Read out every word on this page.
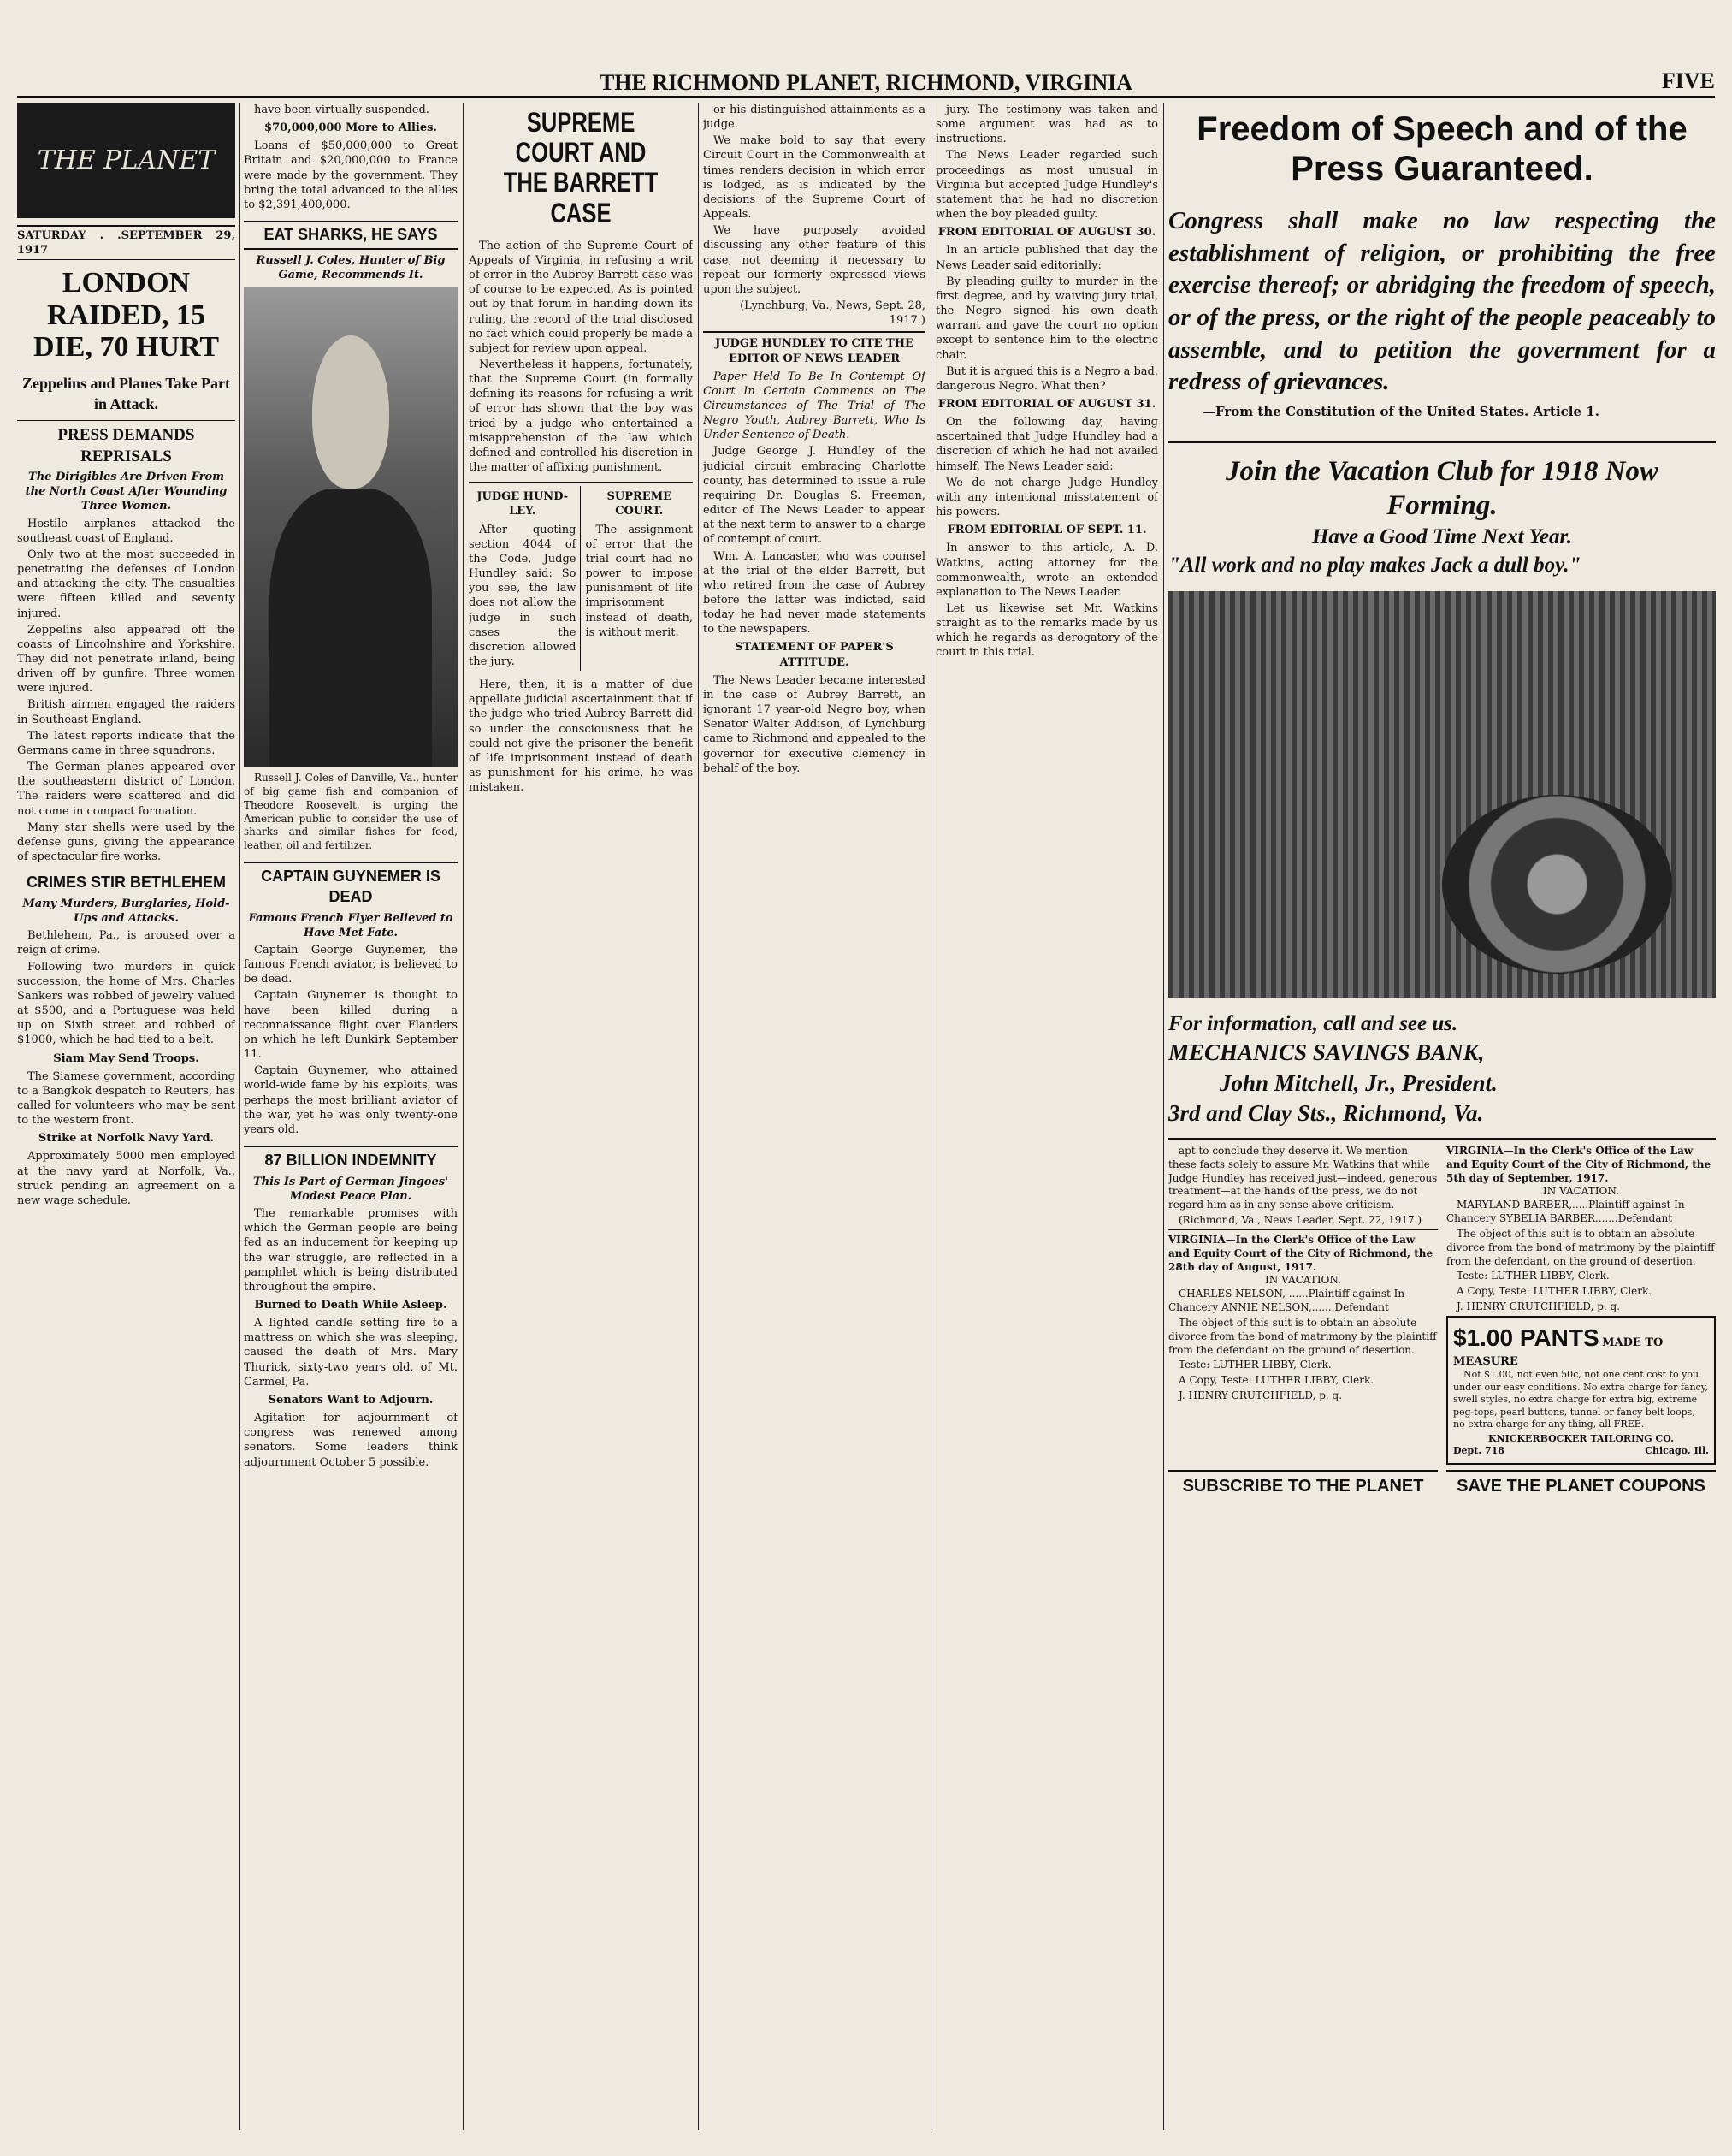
THE RICHMOND PLANET, RICHMOND, VIRGINIA	FIVE
THE PLANET
SATURDAY . .SEPTEMBER 29, 1917
LONDON RAIDED, 15 DIE, 70 HURT
Zeppelins and Planes Take Part in Attack.
PRESS DEMANDS REPRISALS
The Dirigibles Are Driven From the North Coast After Wounding Three Women.

Hostile airplanes attacked the southeast coast of England.

Only two at the most succeeded in penetrating the defenses of London and attacking the city. The casualties were fifteen killed and seventy injured.

Zeppelins also appeared off the coasts of Lincolnshire and Yorkshire. They did not penetrate inland, being driven off by gunfire. Three women were injured.

British airmen engaged the raiders in Southeast England.

The latest reports indicate that the Germans came in three squadrons.

The German planes appeared over the southeastern district of London. The raiders were scattered and did not come in compact formation.

Many star shells were used by the defense guns, giving the appearance of spectacular fire works.

CRIMES STIR BETHLEHEM
Many Murders, Burglaries, Hold-Ups and Attacks.

Bethlehem, Pa., is aroused over a reign of crime.

Following two murders in quick succession, the home of Mrs. Charles Sankers was robbed of jewelry valued at $500, and a Portuguese was held up on Sixth street and robbed of $1000, which he had tied to a belt.

Siam May Send Troops.

The Siamese government, according to a Bangkok despatch to Reuters, has called for volunteers who may be sent to the western front.

Strike at Norfolk Navy Yard.

Approximately 5000 men employed at the navy yard at Norfolk, Va., struck pending an agreement on a new wage schedule.

have been virtually suspended.

$70,000,000 More to Allies.

Loans of $50,000,000 to Great Britain and $20,000,000 to France were made by the government. They bring the total advanced to the allies to $2,391,400,000.

EAT SHARKS, HE SAYS
Russell J. Coles, Hunter of Big Game, Recommends It.

Russell J. Coles of Danville, Va., hunter of big game fish and companion of Theodore Roosevelt, is urging the American public to consider the use of sharks and similar fishes for food, leather, oil and fertilizer.

CAPTAIN GUYNEMER IS DEAD
Famous French Flyer Believed to Have Met Fate.

Captain George Guynemer, the famous French aviator, is believed to be dead.

Captain Guynemer is thought to have been killed during a reconnaissance flight over Flanders on which he left Dunkirk September 11.

Captain Guynemer, who attained world-wide fame by his exploits, was perhaps the most brilliant aviator of the war, yet he was only twenty-one years old.

87 BILLION INDEMNITY
This Is Part of German Jingoes' Modest Peace Plan.

The remarkable promises with which the German people are being fed as an inducement for keeping up the war struggle, are reflected in a pamphlet which is being distributed throughout the empire.

Burned to Death While Asleep.

A lighted candle setting fire to a mattress on which she was sleeping, caused the death of Mrs. Mary Thurick, sixty-two years old, of Mt. Carmel, Pa.

Senators Want to Adjourn.

Agitation for adjournment of congress was renewed among senators. Some leaders think adjournment October 5 possible.

SUPREME COURT AND THE BARRETT CASE

The action of the Supreme Court of Appeals of Virginia, in refusing a writ of error in the Aubrey Barrett case was of course to be expected. As is pointed out by that forum in handing down its ruling, the record of the trial disclosed no fact which could properly be made a subject for review upon appeal.

Nevertheless it happens, fortunately, that the Supreme Court (in formally defining its reasons for refusing a writ of error has shown that the boy was tried by a judge who entertained a misapprehension of the law which defined and controlled his discretion in the matter of affixing punishment.

JUDGE HUND-LEY.

After quoting section 4044 of the Code, Judge Hundley said: So you see, the law does not allow the judge in such cases the discretion allowed the jury.

SUPREME COURT.

The assignment of error that the trial court had no power to impose punishment of life imprisonment instead of death, is without merit.

Here, then, it is a matter of due appellate judicial ascertainment that if the judge who tried Aubrey Barrett did so under the consciousness that he could not give the prisoner the benefit of life imprisonment instead of death as punishment for his crime, he was mistaken.

or his distinguished attainments as a judge.

We make bold to say that every Circuit Court in the Commonwealth at times renders decision in which error is lodged, as is indicated by the decisions of the Supreme Court of Appeals.

We have purposely avoided discussing any other feature of this case, not deeming it necessary to repeat our formerly expressed views upon the subject.

(Lynchburg, Va., News, Sept. 28, 1917.)

JUDGE HUNDLEY TO CITE THE EDITOR OF NEWS LEADER

Paper Held To Be In Contempt Of Court In Certain Comments on The Circumstances of The Trial of The Negro Youth, Aubrey Barrett, Who Is Under Sentence of Death.

Judge George J. Hundley of the judicial circuit embracing Charlotte county, has determined to issue a rule requiring Dr. Douglas S. Freeman, editor of The News Leader to appear at the next term to answer to a charge of contempt of court.

Wm. A. Lancaster, who was counsel at the trial of the elder Barrett, but who retired from the case of Aubrey before the latter was indicted, said today he had never made statements to the newspapers.

STATEMENT OF PAPER'S ATTITUDE.

The News Leader became interested in the case of Aubrey Barrett, an ignorant 17 year-old Negro boy, when Senator Walter Addison, of Lynchburg came to Richmond and appealed to the governor for executive clemency in behalf of the boy.

jury. The testimony was taken and some argument was had as to instructions.

The News Leader regarded such proceedings as most unusual in Virginia but accepted Judge Hundley's statement that he had no discretion when the boy pleaded guilty.

FROM EDITORIAL OF AUGUST 30.

In an article published that day the News Leader said editorially:

By pleading guilty to murder in the first degree, and by waiving jury trial, the Negro signed his own death warrant and gave the court no option except to sentence him to the electric chair.

But it is argued this is a Negro a bad, dangerous Negro. What then?

FROM EDITORIAL OF AUGUST 31.

On the following day, having ascertained that Judge Hundley had a discretion of which he had not availed himself, The News Leader said:

We do not charge Judge Hundley with any intentional misstatement of his powers.

FROM EDITORIAL OF SEPT. 11.

In answer to this article, A. D. Watkins, acting attorney for the commonwealth, wrote an extended explanation to The News Leader.

Let us likewise set Mr. Watkins straight as to the remarks made by us which he regards as derogatory of the court in this trial.

Freedom of Speech and of the Press Guaranteed.
Congress shall make no law respecting the establishment of religion, or prohibiting the free exercise thereof; or abridging the freedom of speech, or of the press, or the right of the people peaceably to assemble, and to petition the government for a redress of grievances.
—From the Constitution of the United States. Article 1.
Join the Vacation Club for 1918 Now Forming.
Have a Good Time Next Year.
"All work and no play makes Jack a dull boy."
For information, call and see us.
MECHANICS SAVINGS BANK,
John Mitchell, Jr., President.
3rd and Clay Sts., Richmond, Va.

apt to conclude they deserve it. We mention these facts solely to assure Mr. Watkins that while Judge Hundley has received just—indeed, generous treatment—at the hands of the press, we do not regard him as in any sense above criticism.

(Richmond, Va., News Leader, Sept. 22, 1917.)

VIRGINIA—In the Clerk's Office of the Law and Equity Court of the City of Richmond, the 28th day of August, 1917.
IN VACATION.

CHARLES NELSON, ......Plaintiff against In Chancery ANNIE NELSON,.......Defendant

The object of this suit is to obtain an absolute divorce from the bond of matrimony by the plaintiff from the defendant on the ground of desertion.

Teste: LUTHER LIBBY, Clerk.

A Copy, Teste: LUTHER LIBBY, Clerk.

J. HENRY CRUTCHFIELD, p. q.

VIRGINIA—In the Clerk's Office of the Law and Equity Court of the City of Richmond, the 5th day of September, 1917.
IN VACATION.

MARYLAND BARBER,.....Plaintiff against In Chancery SYBELIA BARBER.......Defendant

The object of this suit is to obtain an absolute divorce from the bond of matrimony by the plaintiff from the defendant, on the ground of desertion.

Teste: LUTHER LIBBY, Clerk.

A Copy, Teste: LUTHER LIBBY, Clerk.

J. HENRY CRUTCHFIELD, p. q.

$1.00 PANTS MADE TO MEASURE

Not $1.00, not even 50c, not one cent cost to you under our easy conditions. No extra charge for fancy, swell styles, no extra charge for extra big, extreme peg-tops, pearl buttons, tunnel or fancy belt loops, no extra charge for any thing, all FREE.

KNICKERBOCKER TAILORING CO.
Dept. 718	Chicago, Ill.
SUBSCRIBE TO THE PLANET	SAVE THE PLANET COUPONS
